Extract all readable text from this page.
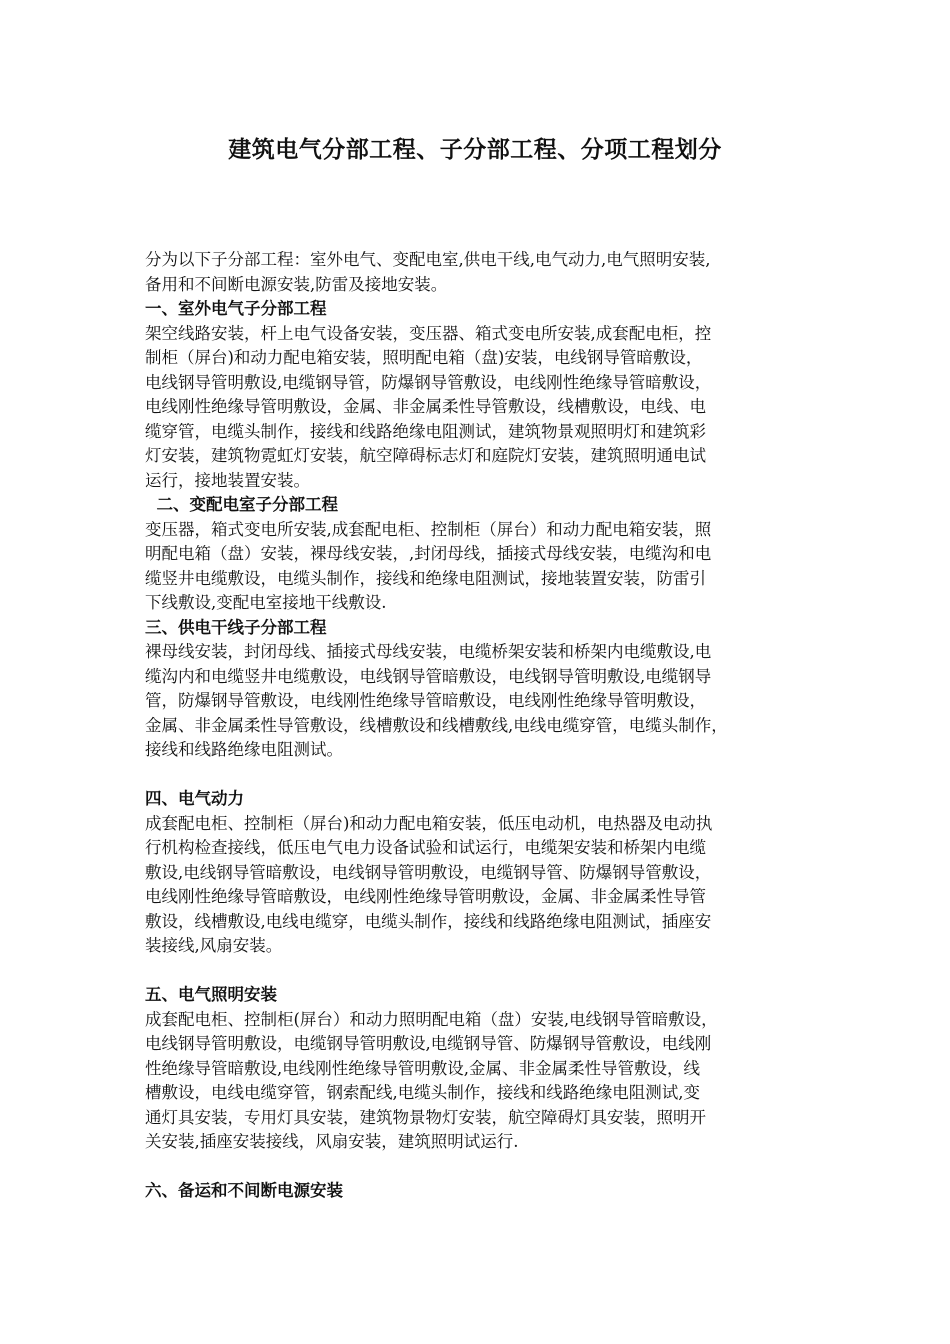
建筑电气分部工程、子分部工程、分项工程划分
分为以下子分部工程：室外电气、变配电室,供电干线,电气动力,电气照明安装,
备用和不间断电源安装,防雷及接地安装。
一、室外电气子分部工程
架空线路安装，杆上电气设备安装，变压器、箱式变电所安装,成套配电柜，控
制柜（屏台)和动力配电箱安装，照明配电箱（盘)安装，电线钢导管暗敷设，
电线钢导管明敷设,电缆钢导管，防爆钢导管敷设，电线刚性绝缘导管暗敷设，
电线刚性绝缘导管明敷设，金属、非金属柔性导管敷设，线槽敷设，电线、电
缆穿管，电缆头制作，接线和线路绝缘电阻测试，建筑物景观照明灯和建筑彩
灯安装，建筑物霓虹灯安装，航空障碍标志灯和庭院灯安装，建筑照明通电试
运行，接地装置安装。
二、变配电室子分部工程
变压器，箱式变电所安装,成套配电柜、控制柜（屏台）和动力配电箱安装，照
明配电箱（盘）安装，裸母线安装，,封闭母线，插接式母线安装，电缆沟和电
缆竖井电缆敷设，电缆头制作，接线和绝缘电阻测试，接地装置安装，防雷引
下线敷设,变配电室接地干线敷设.
三、供电干线子分部工程
裸母线安装，封闭母线、插接式母线安装，电缆桥架安装和桥架内电缆敷设,电
缆沟内和电缆竖井电缆敷设，电线钢导管暗敷设，电线钢导管明敷设,电缆钢导
管，防爆钢导管敷设，电线刚性绝缘导管暗敷设，电线刚性绝缘导管明敷设，
金属、非金属柔性导管敷设，线槽敷设和线槽敷线,电线电缆穿管，电缆头制作，
接线和线路绝缘电阻测试。
四、电气动力
成套配电柜、控制柜（屏台)和动力配电箱安装，低压电动机，电热器及电动执
行机构检查接线，低压电气电力设备试验和试运行，电缆架安装和桥架内电缆
敷设,电线钢导管暗敷设，电线钢导管明敷设，电缆钢导管、防爆钢导管敷设，
电线刚性绝缘导管暗敷设，电线刚性绝缘导管明敷设，金属、非金属柔性导管
敷设，线槽敷设,电线电缆穿，电缆头制作，接线和线路绝缘电阻测试，插座安
装接线,风扇安装。
五、电气照明安装
成套配电柜、控制柜(屏台）和动力照明配电箱（盘）安装,电线钢导管暗敷设，
电线钢导管明敷设，电缆钢导管明敷设,电缆钢导管、防爆钢导管敷设，电线刚
性绝缘导管暗敷设,电线刚性绝缘导管明敷设,金属、非金属柔性导管敷设，线
槽敷设，电线电缆穿管，钢索配线,电缆头制作，接线和线路绝缘电阻测试,变
通灯具安装，专用灯具安装，建筑物景物灯安装，航空障碍灯具安装，照明开
关安装,插座安装接线，风扇安装，建筑照明试运行.
六、备运和不间断电源安装
